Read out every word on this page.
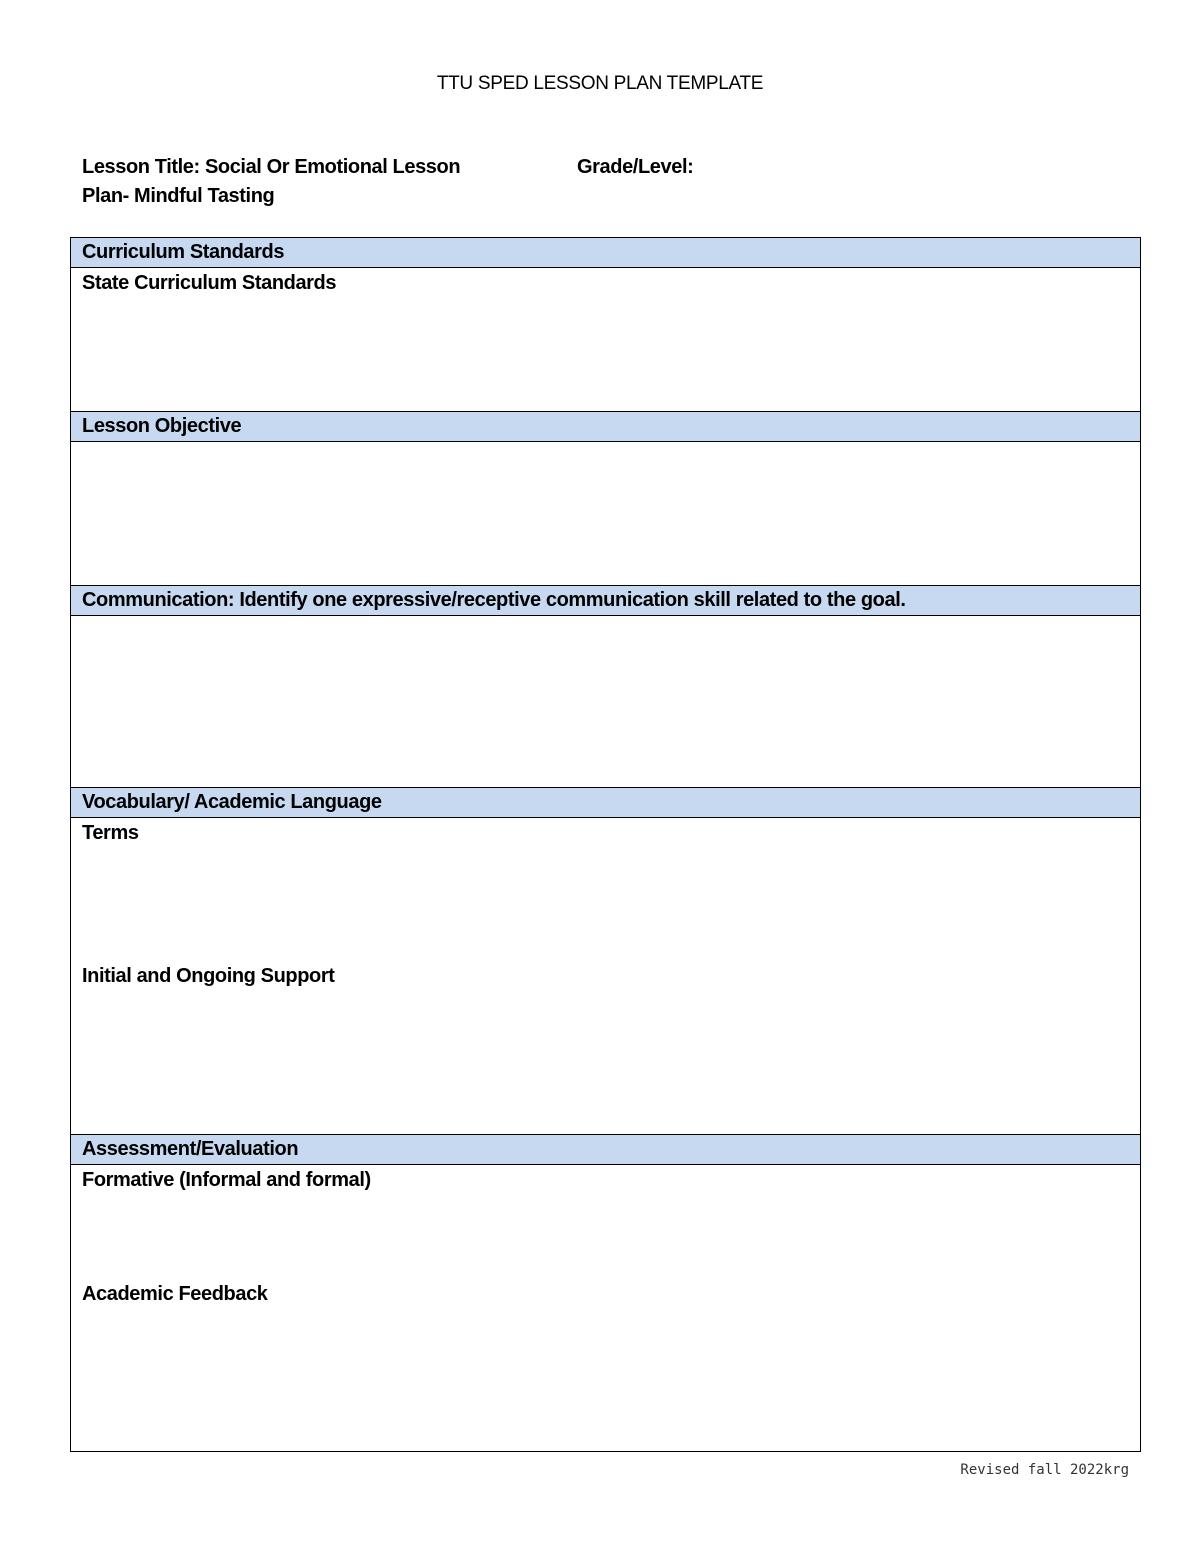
TTU SPED LESSON PLAN TEMPLATE
Lesson Title: Social Or Emotional Lesson Plan- Mindful Tasting
Grade/Level:
Curriculum Standards
State Curriculum Standards
Lesson Objective
Communication: Identify one expressive/receptive communication skill related to the goal.
Vocabulary/ Academic Language
Terms
Initial and Ongoing Support
Assessment/Evaluation
Formative (Informal and formal)
Academic Feedback
Revised fall 2022krg
